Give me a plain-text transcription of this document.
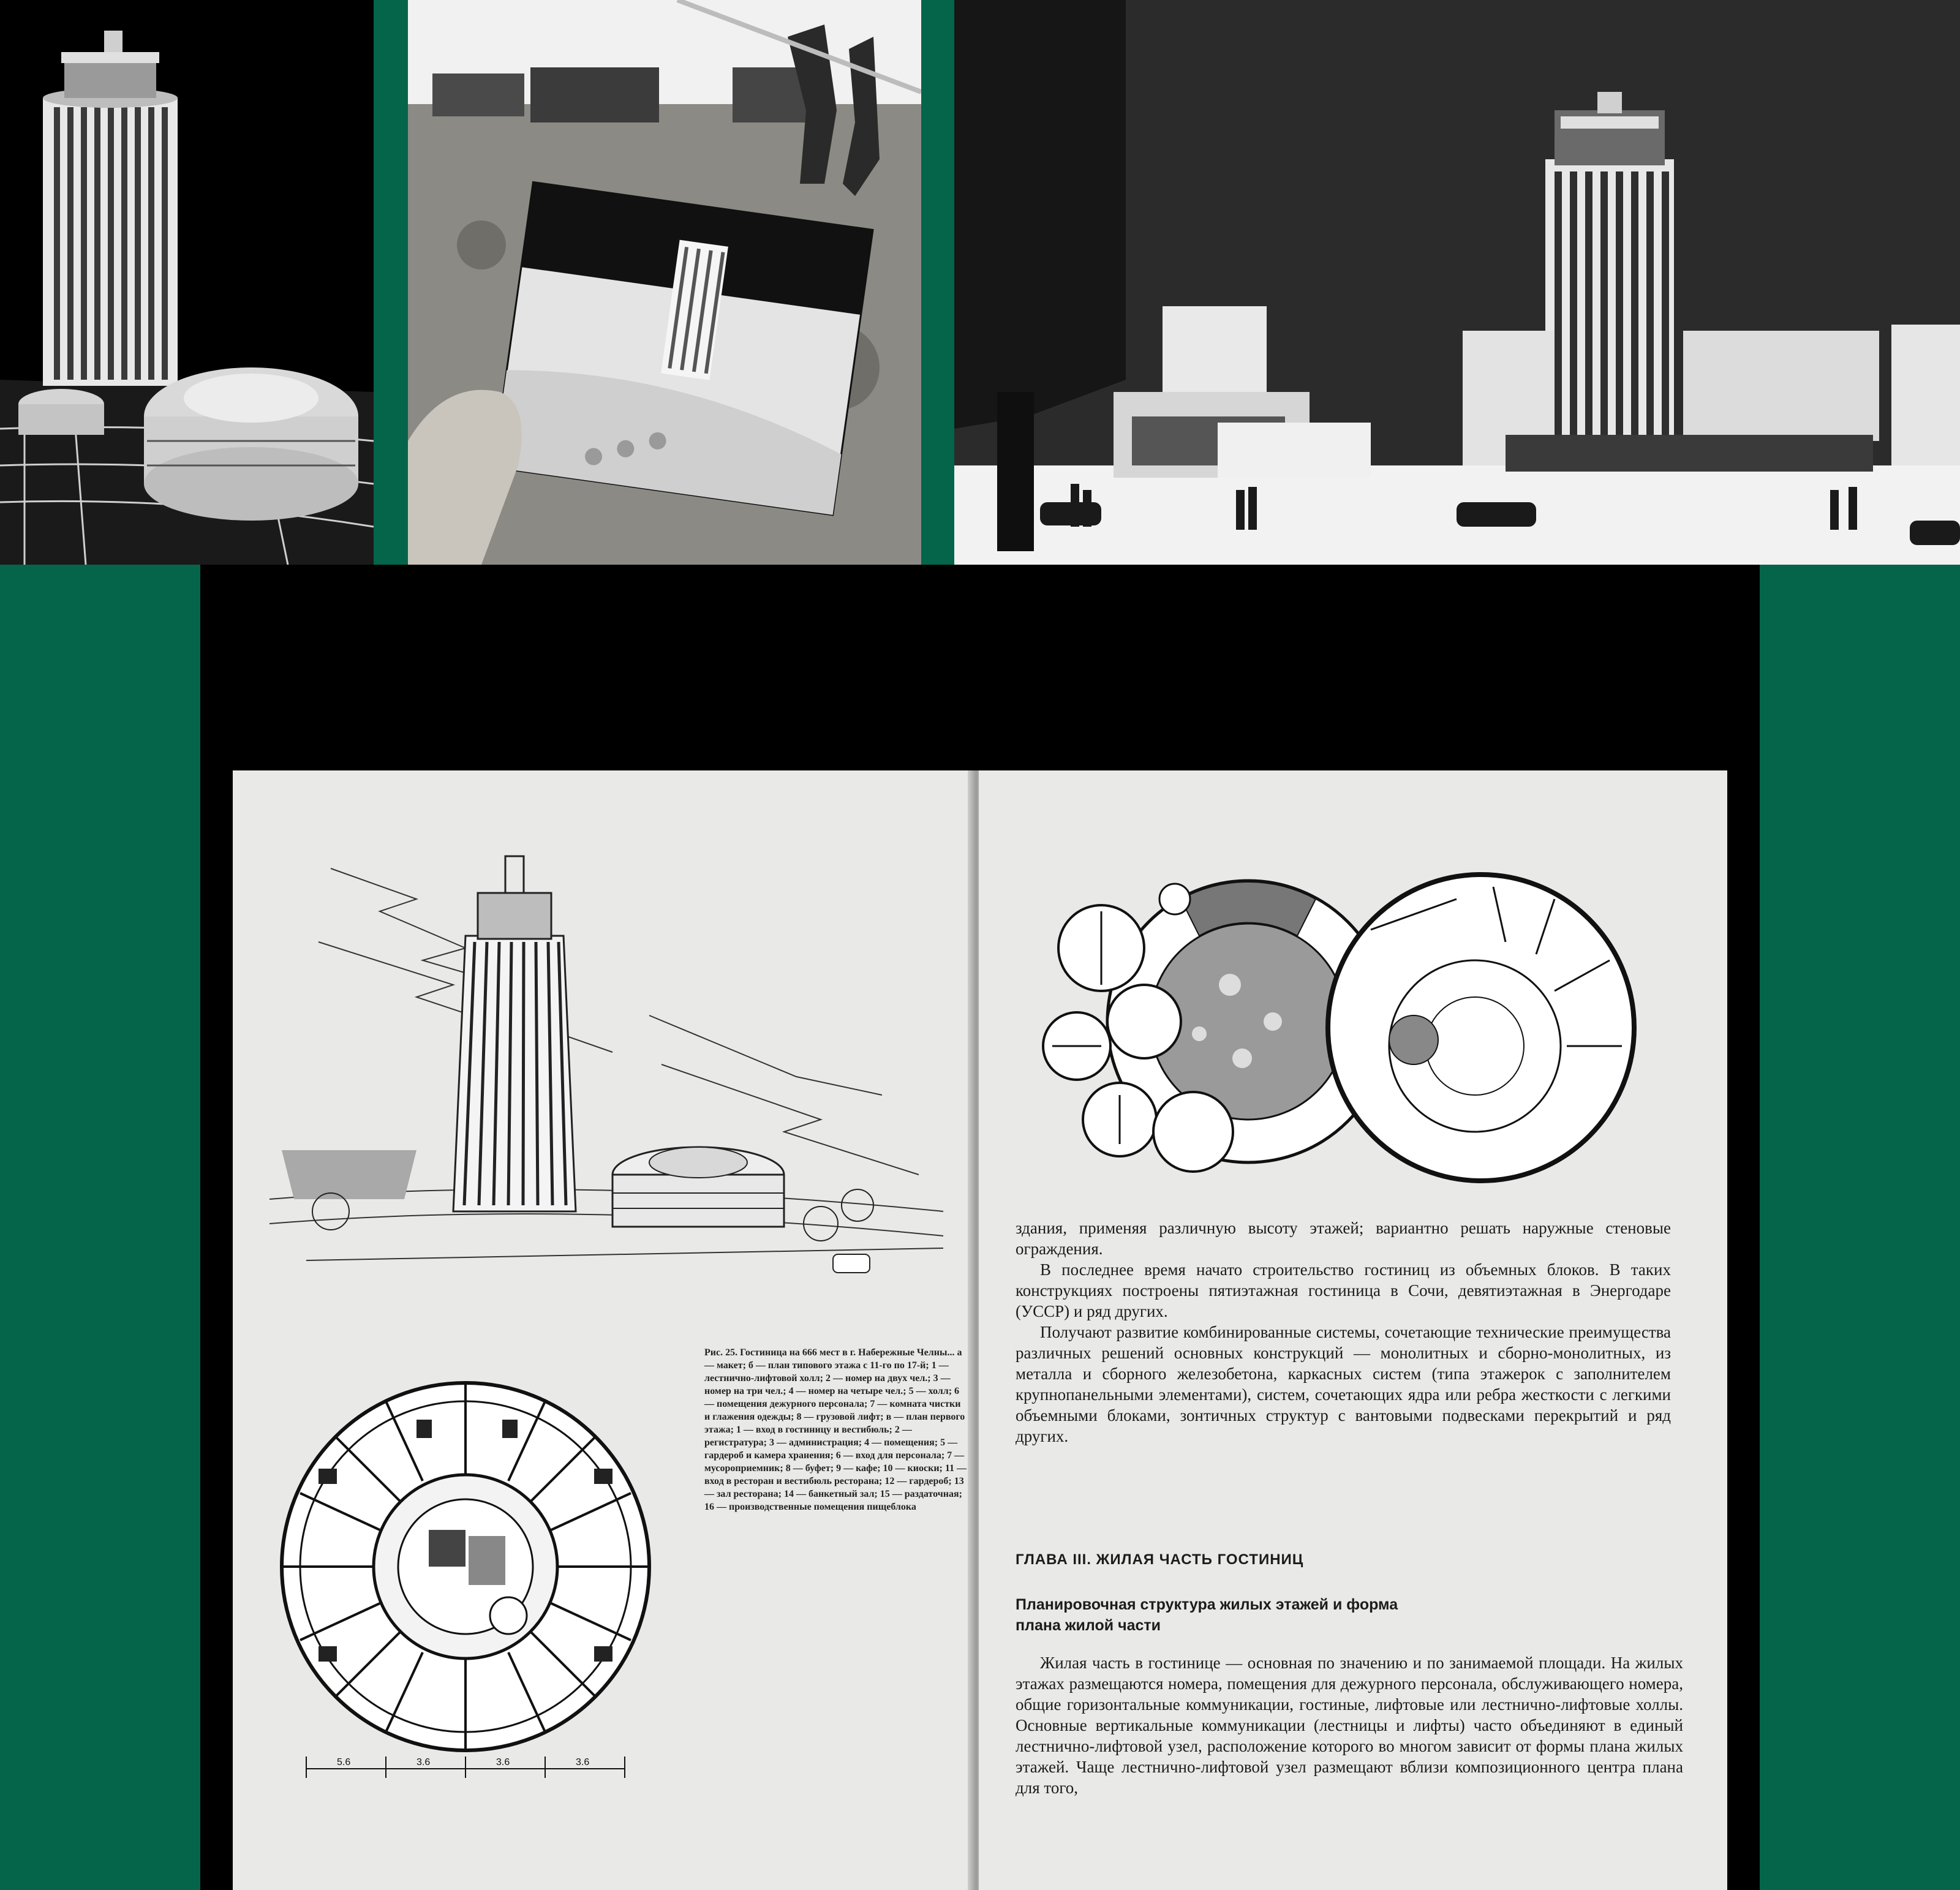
5.6	3.6	3.6	3.6
Рис. 25. Гостиница на 666 мест в г. Набережные Челны... а — макет; б — план типового этажа с 11-го по 17-й; 1 — лестнично-лифтовой холл; 2 — номер на двух чел.; 3 — номер на три чел.; 4 — номер на четыре чел.; 5 — холл; 6 — помещения дежурного персонала; 7 — комната чистки и глажения одежды; 8 — грузовой лифт; в — план первого этажа; 1 — вход в гостиницу и вестибюль; 2 — регистратура; 3 — администрация; 4 — помещения; 5 — гардероб и камера хранения; 6 — вход для персонала; 7 — мусороприемник; 8 — буфет; 9 — кафе; 10 — киоски; 11 — вход в ресторан и вестибюль ресторана; 12 — гардероб; 13 — зал ресторана; 14 — банкетный зал; 15 — раздаточная; 16 — производственные помещения пищеблока

здания, применяя различную высоту этажей; вариантно решать наружные стеновые ограждения.

В последнее время начато строительство гостиниц из объемных блоков. В таких конструкциях построены пятиэтажная гостиница в Сочи, девятиэтажная в Энергодаре (УССР) и ряд других.

Получают развитие комбинированные системы, сочетающие технические преимущества различных решений основных конструкций — монолитных и сборно-монолитных, из металла и сборного железобетона, каркасных систем (типа этажерок с заполнителем крупнопанельными элементами), систем, сочетающих ядра или ребра жесткости с легкими объемными блоками, зонтичных структур с вантовыми подвесками перекрытий и ряд других.

ГЛАВА III. ЖИЛАЯ ЧАСТЬ ГОСТИНИЦ
Планировочная структура жилых этажей и форма плана жилой части

Жилая часть в гостинице — основная по значению и по занимаемой площади. На жилых этажах размещаются номера, помещения для дежурного персонала, обслуживающего номера, общие горизонтальные коммуникации, гостиные, лифтовые или лестнично-лифтовые холлы. Основные вертикальные коммуникации (лестницы и лифты) часто объединяют в единый лестнично-лифтовой узел, расположение которого во многом зависит от формы плана жилых этажей. Чаще лестнично-лифтовой узел размещают вблизи композиционного центра плана для того,
